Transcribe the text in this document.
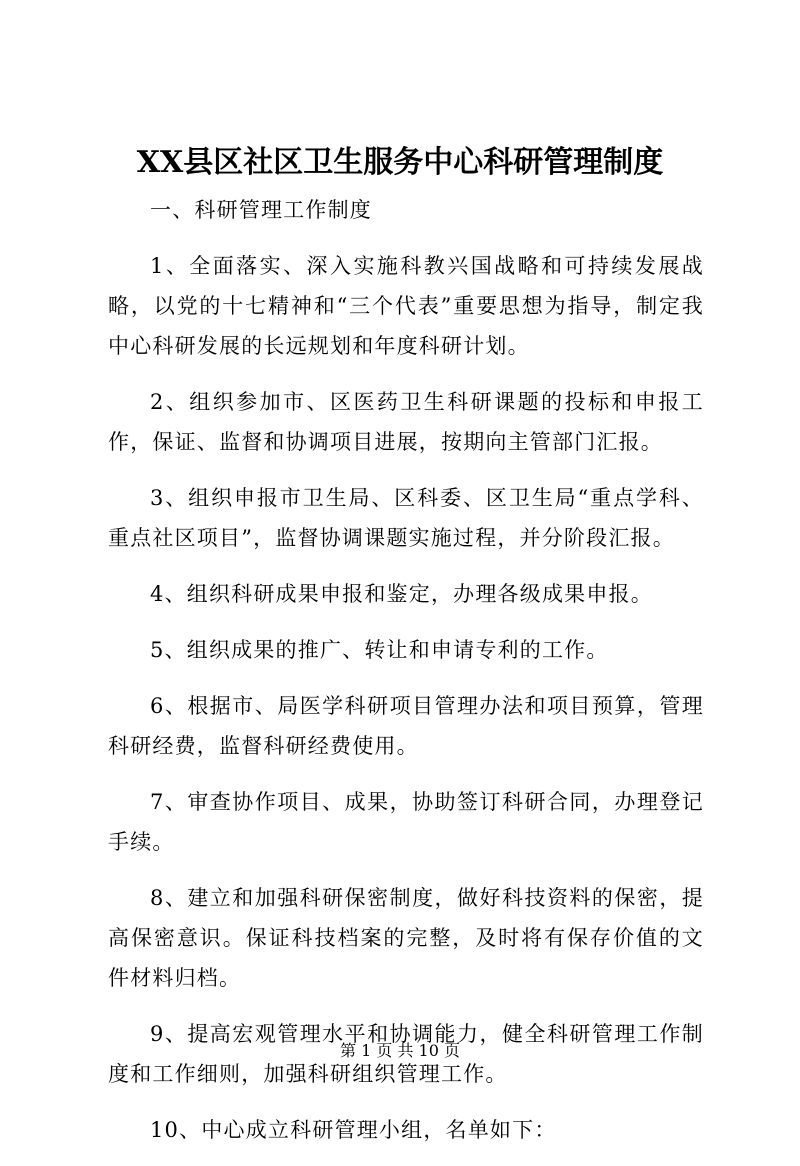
XX县区社区卫生服务中心科研管理制度

一、科研管理工作制度

1、全面落实、深入实施科教兴国战略和可持续发展战略，以党的十七精神和“三个代表”重要思想为指导，制定我中心科研发展的长远规划和年度科研计划。

2、组织参加市、区医药卫生科研课题的投标和申报工作，保证、监督和协调项目进展，按期向主管部门汇报。

3、组织申报市卫生局、区科委、区卫生局“重点学科、重点社区项目”，监督协调课题实施过程，并分阶段汇报。

4、组织科研成果申报和鉴定，办理各级成果申报。

5、组织成果的推广、转让和申请专利的工作。

6、根据市、局医学科研项目管理办法和项目预算，管理科研经费，监督科研经费使用。

7、审查协作项目、成果，协助签订科研合同，办理登记手续。

8、建立和加强科研保密制度，做好科技资料的保密，提高保密意识。保证科技档案的完整，及时将有保存价值的文件材料归档。

9、提高宏观管理水平和协调能力，健全科研管理工作制度和工作细则，加强科研组织管理工作。

10、中心成立科研管理小组，名单如下：

第 1 页 共 10 页
